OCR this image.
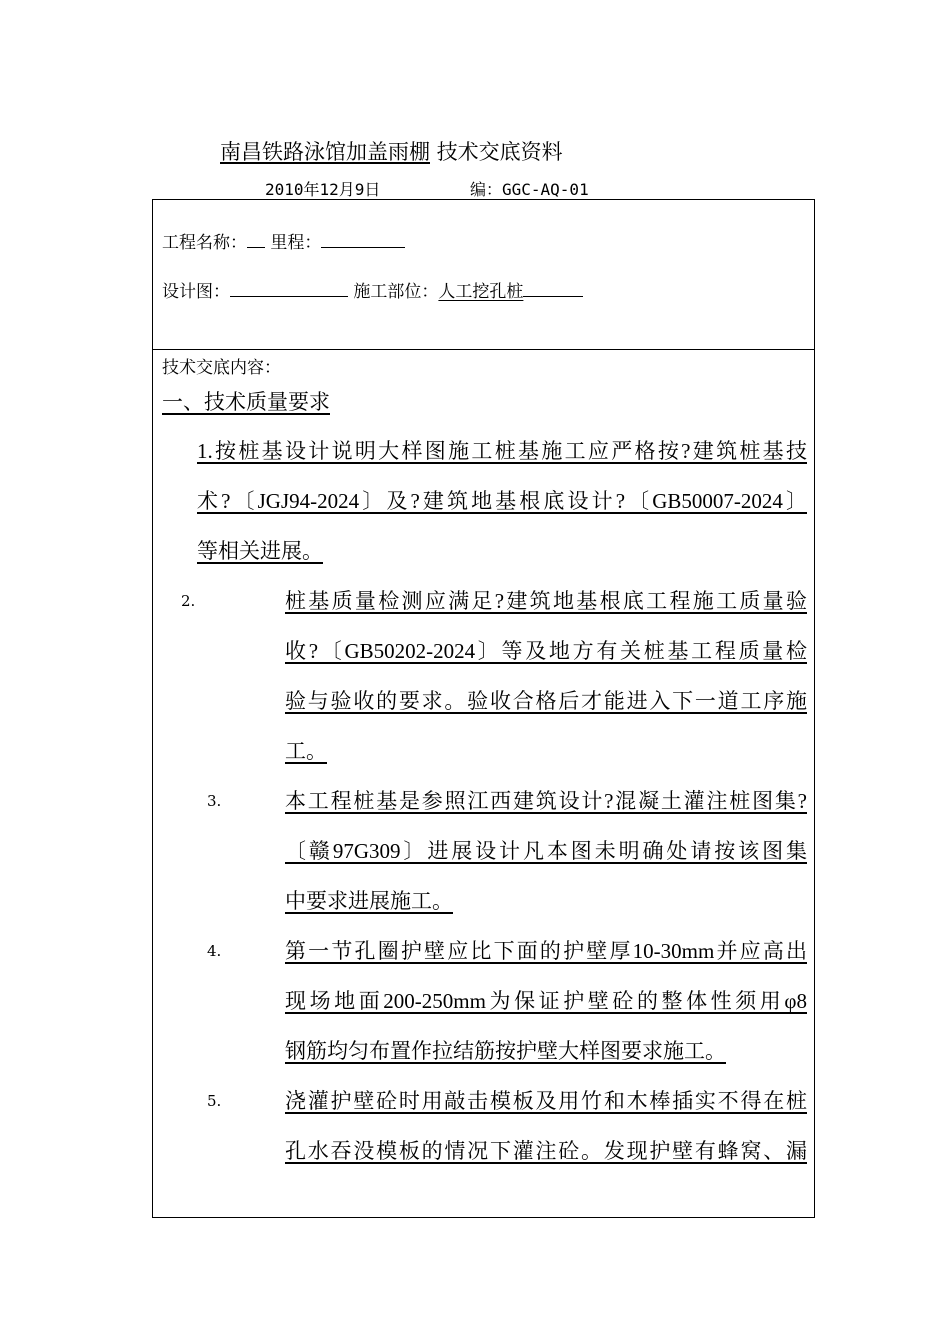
南昌铁路泳馆加盖雨棚 技术交底资料
2010年12月9日	编：GGC-AQ-01
工程名称： 里程：
设计图：	施工部位：人工挖孔桩
技术交底内容：
一、技术质量要求
1.按桩基设计说明大样图施工桩基施工应严格按?建筑桩基技
术?〔JGJ94-2024〕及?建筑地基根底设计?〔GB50007-2024〕
等相关进展。
2.	桩基质量检测应满足?建筑地基根底工程施工质量验
收?〔GB50202-2024〕等及地方有关桩基工程质量检
验与验收的要求。验收合格后才能进入下一道工序施
工。
3.	本工程桩基是参照江西建筑设计?混凝土灌注桩图集?
〔赣97G309〕进展设计凡本图未明确处请按该图集
中要求进展施工。
4.	第一节孔圈护壁应比下面的护壁厚10-30mm并应高出
现场地面200-250mm为保证护壁砼的整体性须用φ8
钢筋均匀布置作拉结筋按护壁大样图要求施工。
5.	浇灌护壁砼时用敲击模板及用竹和木棒插实不得在桩
孔水吞没模板的情况下灌注砼。发现护壁有蜂窝、漏
